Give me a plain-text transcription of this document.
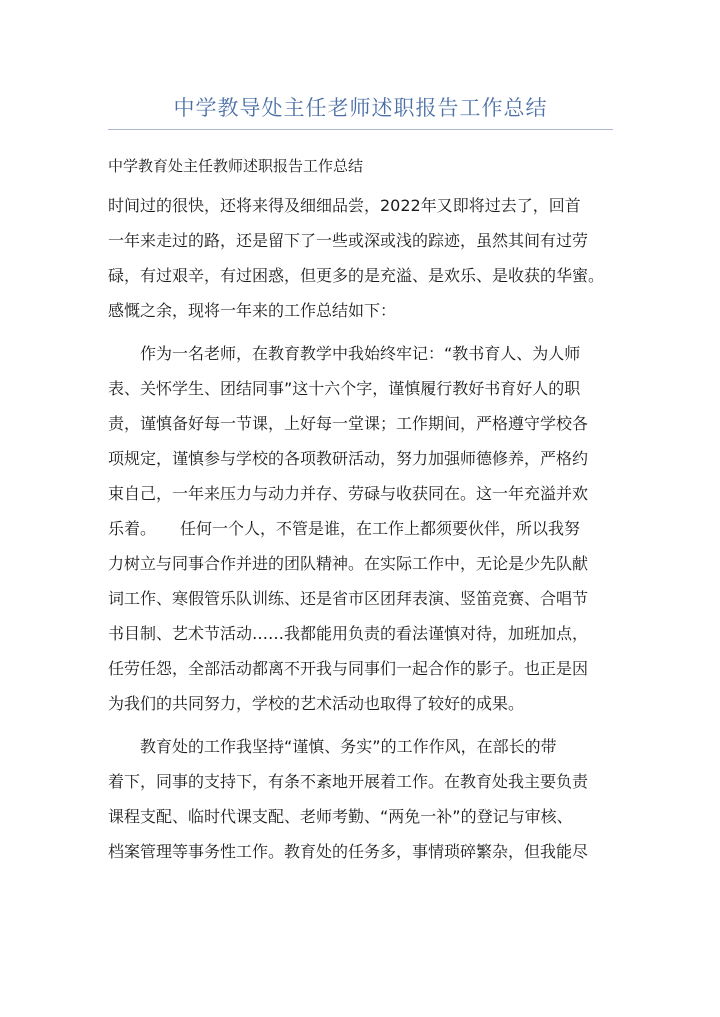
中学教导处主任老师述职报告工作总结
中学教育处主任教师述职报告工作总结
时间过的很快，还将来得及细细品尝，2022年又即将过去了，回首
一年来走过的路，还是留下了一些或深或浅的踪迹，虽然其间有过劳
碌，有过艰辛，有过困惑，但更多的是充溢、是欢乐、是收获的华蜜。
感慨之余，现将一年来的工作总结如下：
　　作为一名老师，在教育教学中我始终牢记：“教书育人、为人师
表、关怀学生、团结同事”这十六个字，谨慎履行教好书育好人的职
责，谨慎备好每一节课，上好每一堂课；工作期间，严格遵守学校各
项规定，谨慎参与学校的各项教研活动，努力加强师德修养，严格约
束自己，一年来压力与动力并存、劳碌与收获同在。这一年充溢并欢
乐着。　　任何一个人，不管是谁，在工作上都须要伙伴，所以我努
力树立与同事合作并进的团队精神。在实际工作中，无论是少先队献
词工作、寒假管乐队训练、还是省市区团拜表演、竖笛竞赛、合唱节
书目制、艺术节活动……我都能用负责的看法谨慎对待，加班加点，
任劳任怨，全部活动都离不开我与同事们一起合作的影子。也正是因
为我们的共同努力，学校的艺术活动也取得了较好的成果。
　　教育处的工作我坚持“谨慎、务实”的工作作风，在部长的带
着下，同事的支持下，有条不紊地开展着工作。在教育处我主要负责
课程支配、临时代课支配、老师考勤、“两免一补”的登记与审核、
档案管理等事务性工作。教育处的任务多，事情琐碎繁杂，但我能尽
